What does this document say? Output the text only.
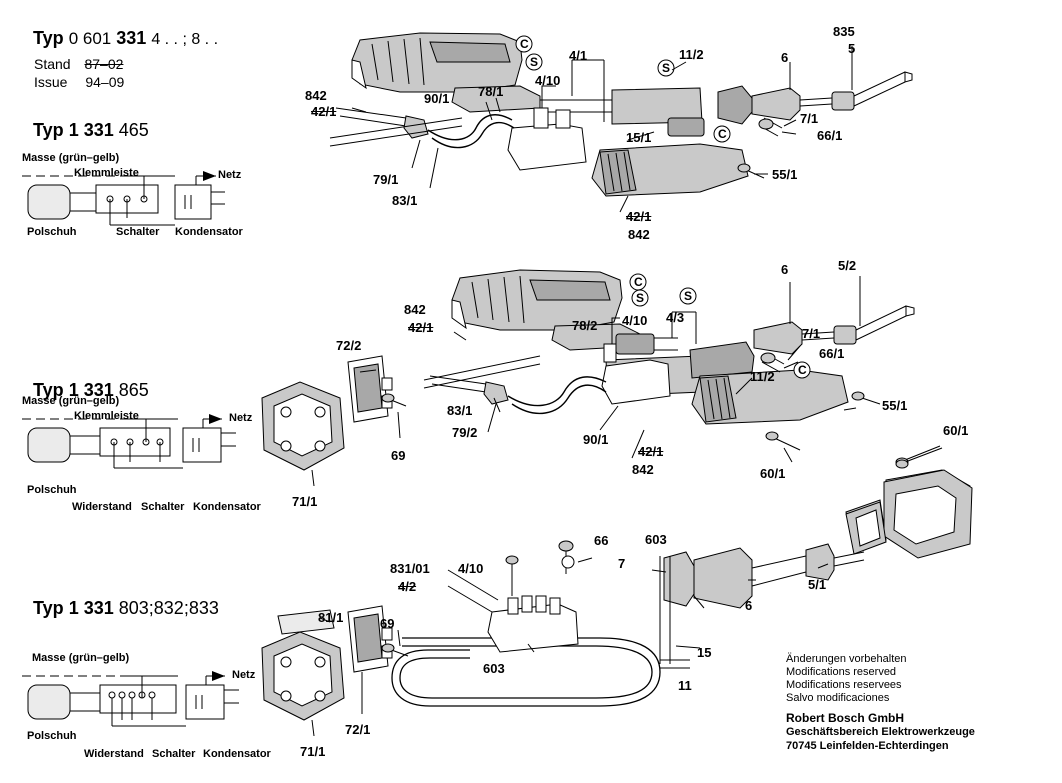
Typ 0 601 331 4 . . ; 8 . .
Stand 87–02
Issue 94–09
Typ 1 331 465
Typ 1 331 865
Typ 1 331 803;832;833
Masse (grün–gelb)
Klemmleiste	Netz
Polschuh	Schalter Kondensator
Masse (grün–gelb)
Klemmleiste	Netz
Polschuh
Widerstand Schalter Kondensator
Masse (grün–gelb)
Netz
Polschuh
Widerstand Schalter Kondensator
835
5
6
11/2
4/1
4/10
78/1
90/1
842
42/1
15/1
7/1
66/1
79/1
83/1
55/1
42/1
842
C
S	S
C
6	5/2
842
42/1	78/2 4/10 4/3
7/1
66/1
72/2
83/1
79/2	90/1
11/2
55/1
69
71/1
42/1
842
60/1
60/1
C
S	S
C
66	603
7
831/01 4/10
4/2	5/1
6
15
11
603
81/1	69
72/1
71/1
Änderungen vorbehalten
Modifications reserved
Modifications reservees
Salvo modificaciones
Robert Bosch GmbH
Geschäftsbereich Elektrowerkzeuge
70745 Leinfelden-Echterdingen
